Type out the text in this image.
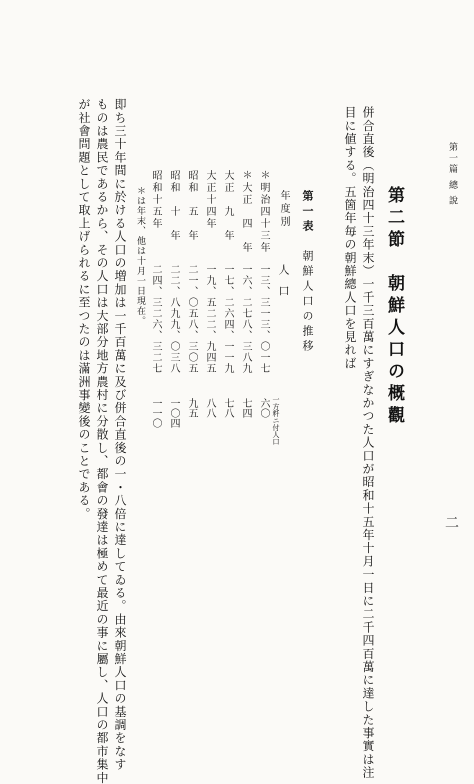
第一篇 總 說
二
第二節　朝鮮人口の概觀
併合直後（明治四十三年末）一千三百萬にすぎなかつた人口が昭和十五年十月一日に二千四百萬に達した事實は注
目に値する。五箇年毎の朝鮮總人口を見れば
第一表　朝鮮人口の推移
年度別
人口
一方粁ニ付人口
＊明治四十三年
一三、三一三、〇一七
六〇
＊大正　四　年
一六、二七八、三八九
七四
大正　九　年
一七、二六四、一一九
七八
大正十四年
一九、五二二、九四五
八八
昭和　五　年
二一、〇五八、三〇五
九五
昭和　十　年
二二、八九九、〇三八
一〇四
昭和十五年
二四、三二六、三二七
一一〇
＊は年末、他は十月一日現在。
即ち三十年間に於ける人口の増加は一千百萬に及び併合直後の一・八倍に達してゐる。由來朝鮮人口の基調をなす
ものは農民であるから、その人口は大部分地方農村に分散し、都會の發達は極めて最近の事に屬し、人口の都市集中
が社會問題として取上げられるに至つたのは滿洲事變後のことである。
